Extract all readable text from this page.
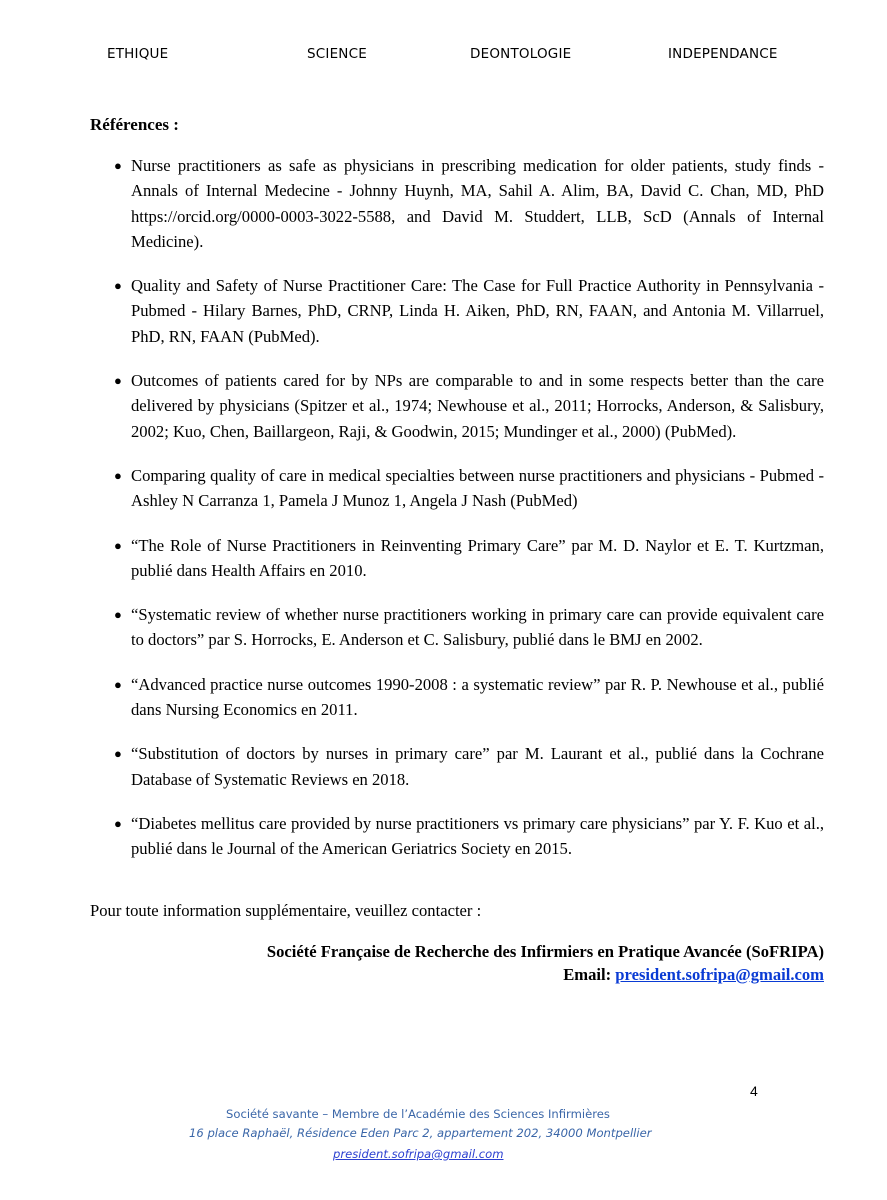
ETHIQUE	SCIENCE	DEONTOLOGIE	INDEPENDANCE
Références :
● Nurse practitioners as safe as physicians in prescribing medication for older patients, study finds - Annals of Internal Medecine - Johnny Huynh, MA, Sahil A. Alim, BA, David C. Chan, MD, PhD https://orcid.org/0000-0003-3022-5588, and David M. Studdert, LLB, ScD (Annals of Internal Medicine).
● Quality and Safety of Nurse Practitioner Care: The Case for Full Practice Authority in Pennsylvania - Pubmed - Hilary Barnes, PhD, CRNP, Linda H. Aiken, PhD, RN, FAAN, and Antonia M. Villarruel, PhD, RN, FAAN (PubMed).
● Outcomes of patients cared for by NPs are comparable to and in some respects better than the care delivered by physicians (Spitzer et al., 1974; Newhouse et al., 2011; Horrocks, Anderson, & Salisbury, 2002; Kuo, Chen, Baillargeon, Raji, & Goodwin, 2015; Mundinger et al., 2000) (PubMed).
● Comparing quality of care in medical specialties between nurse practitioners and physicians - Pubmed - Ashley N Carranza 1, Pamela J Munoz 1, Angela J Nash (PubMed)
● “The Role of Nurse Practitioners in Reinventing Primary Care” par M. D. Naylor et E. T. Kurtzman, publié dans Health Affairs en 2010.
● “Systematic review of whether nurse practitioners working in primary care can provide equivalent care to doctors” par S. Horrocks, E. Anderson et C. Salisbury, publié dans le BMJ en 2002.
● “Advanced practice nurse outcomes 1990-2008 : a systematic review” par R. P. Newhouse et al., publié dans Nursing Economics en 2011.
● “Substitution of doctors by nurses in primary care” par M. Laurant et al., publié dans la Cochrane Database of Systematic Reviews en 2018.
● “Diabetes mellitus care provided by nurse practitioners vs primary care physicians” par Y. F. Kuo et al., publié dans le Journal of the American Geriatrics Society en 2015.

Pour toute information supplémentaire, veuillez contacter :

Société Française de Recherche des Infirmiers en Pratique Avancée (SoFRIPA)
Email: president.sofripa@gmail.com
4
Société savante – Membre de l’Académie des Sciences Infirmières
16 place Raphaël, Résidence Eden Parc 2, appartement 202, 34000 Montpellier
president.sofripa@gmail.com
